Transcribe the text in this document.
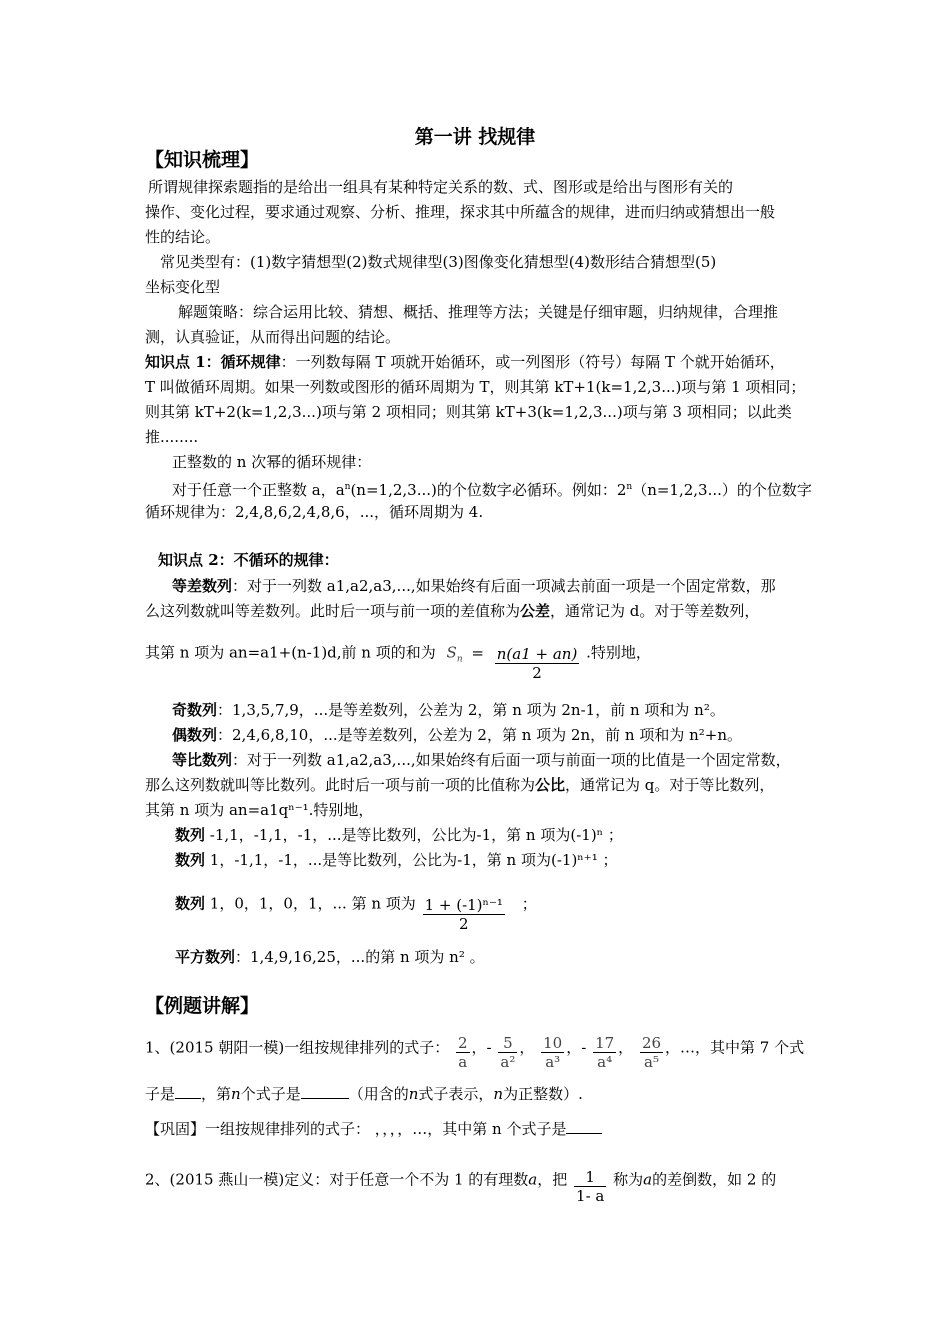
第一讲 找规律
【知识梳理】
所谓规律探索题指的是给出一组具有某种特定关系的数、式、图形或是给出与图形有关的
操作、变化过程，要求通过观察、分析、推理，探求其中所蕴含的规律，进而归纳或猜想出一般
性的结论。
常见类型有：(1)数字猜想型(2)数式规律型(3)图像变化猜想型(4)数形结合猜想型(5)
坐标变化型
解题策略：综合运用比较、猜想、概括、推理等方法；关键是仔细审题，归纳规律，合理推
测，认真验证，从而得出问题的结论。
知识点 1：循环规律：一列数每隔 T 项就开始循环，或一列图形（符号）每隔 T 个就开始循环，
T 叫做循环周期。如果一列数或图形的循环周期为 T，则其第 kT+1(k=1,2,3...)项与第 1 项相同；
则其第 kT+2(k=1,2,3...)项与第 2 项相同；则其第 kT+3(k=1,2,3...)项与第 3 项相同；以此类
推........
正整数的 n 次幂的循环规律：
对于任意一个正整数 a，$a^n(n=1,2,3...)$的个位数字必循环。例如：$2^n(n=1,2,3...)$的个位数字
循环规律为：2,4,8,6,2,4,8,6，...，循环周期为 4.
知识点 2：不循环的规律：
等差数列：对于一列数 a1,a2,a3,...,如果始终有后面一项减去前面一项是一个固定常数，那
么这列数就叫等差数列。此时后一项与前一项的差值称为公差，通常记为 d。对于等差数列，
其第 n 项为 an=a1+(n-1)d,前 n 项的和为 $S_n = \frac{n(a1 + an)}{2}$ .特别地，
奇数列：1,3,5,7,9，...是等差数列，公差为 2，第 n 项为 2n-1，前 n 项和为 n²。
偶数列：2,4,6,8,10，...是等差数列，公差为 2，第 n 项为 2n，前 n 项和为 n²+n。
等比数列：对于一列数 a1,a2,a3,...,如果始终有后面一项与前面一项的比值是一个固定常数，
那么这列数就叫等比数列。此时后一项与前一项的比值称为公比，通常记为 q。对于等比数列，
其第 n 项为 an=a1qⁿ⁻¹.特别地，
数列 -1,1，-1,1，-1，...是等比数列，公比为-1，第 n 项为(-1)ⁿ ；
数列 1，-1,1，-1，...是等比数列，公比为-1，第 n 项为(-1)ⁿ⁺¹ ；
数列 1，0，1，0，1，... 第 n 项为 $\frac{\text{1 + (-1)ⁿ⁻¹}}{2}$ ；
平方数列：1,4,9,16,25，...的第 n 项为 n² 。
【例题讲解】
1、(2015 朝阳一模)一组按规律排列的式子： $\frac{2}{a}$ ，- $\frac{5}{\text{a²}}$ ， $\frac{10}{\text{a³}}$ ，- $\frac{17}{\text{a⁴}}$ ， $\frac{26}{\text{a⁵}}$ ，…，其中第 7 个式
子是 ，第n个式子是	（用含的n式子表示，n为正整数）.
【巩固】一组按规律排列的式子： ，，，，…，其中第 n 个式子是
2、(2015 燕山一模)定义：对于任意一个不为 1 的有理数a，把 $\frac{1}{1- a}$ 称为a的差倒数，如 2 的
